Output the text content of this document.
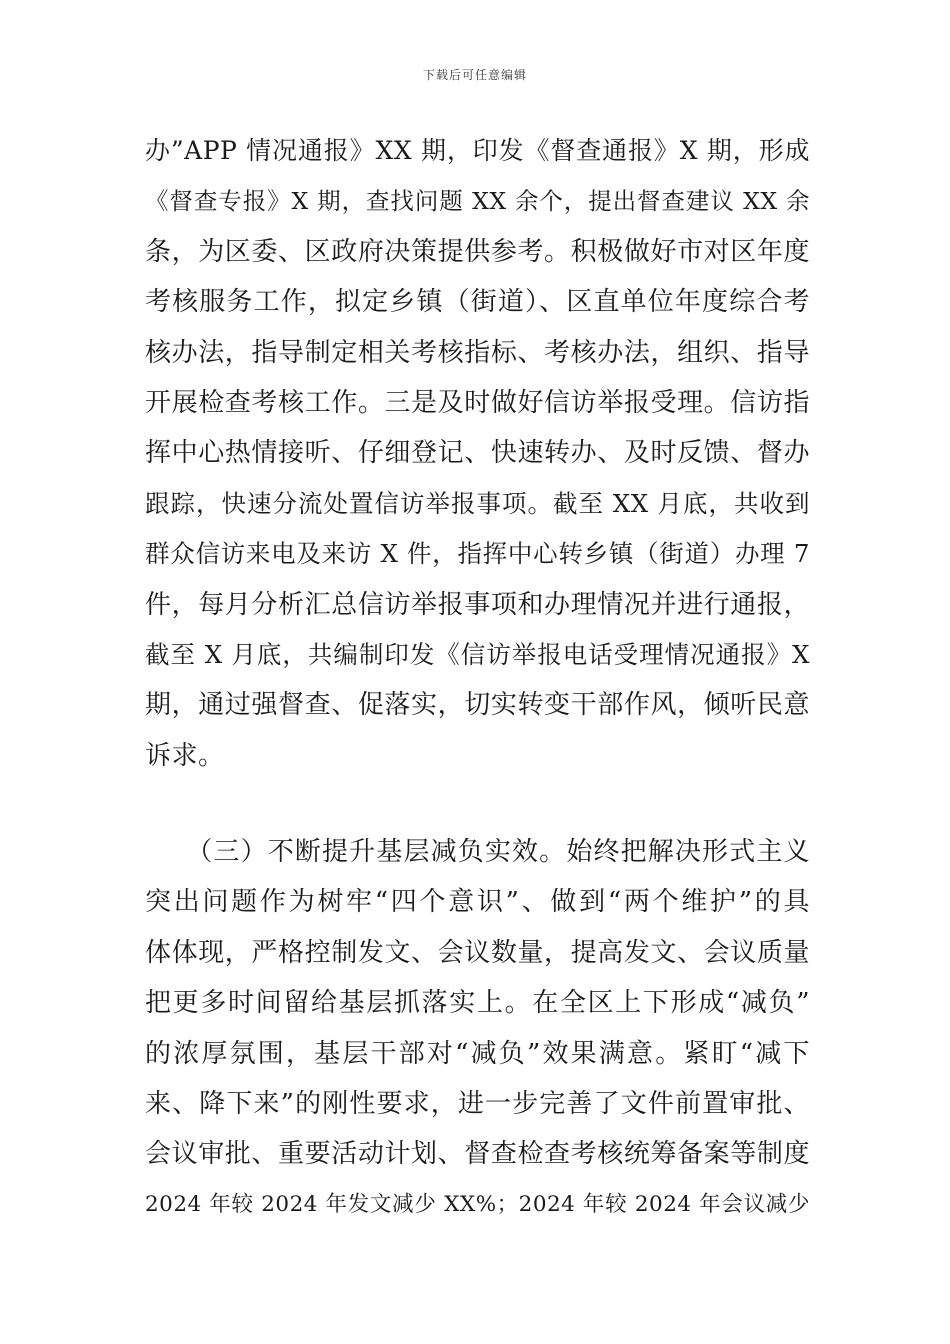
下载后可任意编辑
办”APP 情况通报》XX 期，印发《督查通报》X 期，形成
《督查专报》X 期，查找问题 XX 余个，提出督查建议 XX 余
条，为区委、区政府决策提供参考。积极做好市对区年度
考核服务工作，拟定乡镇（街道）、区直单位年度综合考
核办法，指导制定相关考核指标、考核办法，组织、指导
开展检查考核工作。三是及时做好信访举报受理。信访指
挥中心热情接听、仔细登记、快速转办、及时反馈、督办
跟踪，快速分流处置信访举报事项。截至 XX 月底，共收到
群众信访来电及来访 X 件，指挥中心转乡镇（街道）办理 7
件，每月分析汇总信访举报事项和办理情况并进行通报，
截至 X 月底，共编制印发《信访举报电话受理情况通报》X
期，通过强督查、促落实，切实转变干部作风，倾听民意
诉求。
　　（三）不断提升基层减负实效。始终把解决形式主义
突出问题作为树牢“四个意识”、做到“两个维护”的具
体体现，严格控制发文、会议数量，提高发文、会议质量
把更多时间留给基层抓落实上。在全区上下形成“减负”
的浓厚氛围，基层干部对“减负”效果满意。紧盯“减下
来、降下来”的刚性要求，进一步完善了文件前置审批、
会议审批、重要活动计划、督查检查考核统筹备案等制度
2024 年较 2024 年发文减少 XX%；2024 年较 2024 年会议减少
